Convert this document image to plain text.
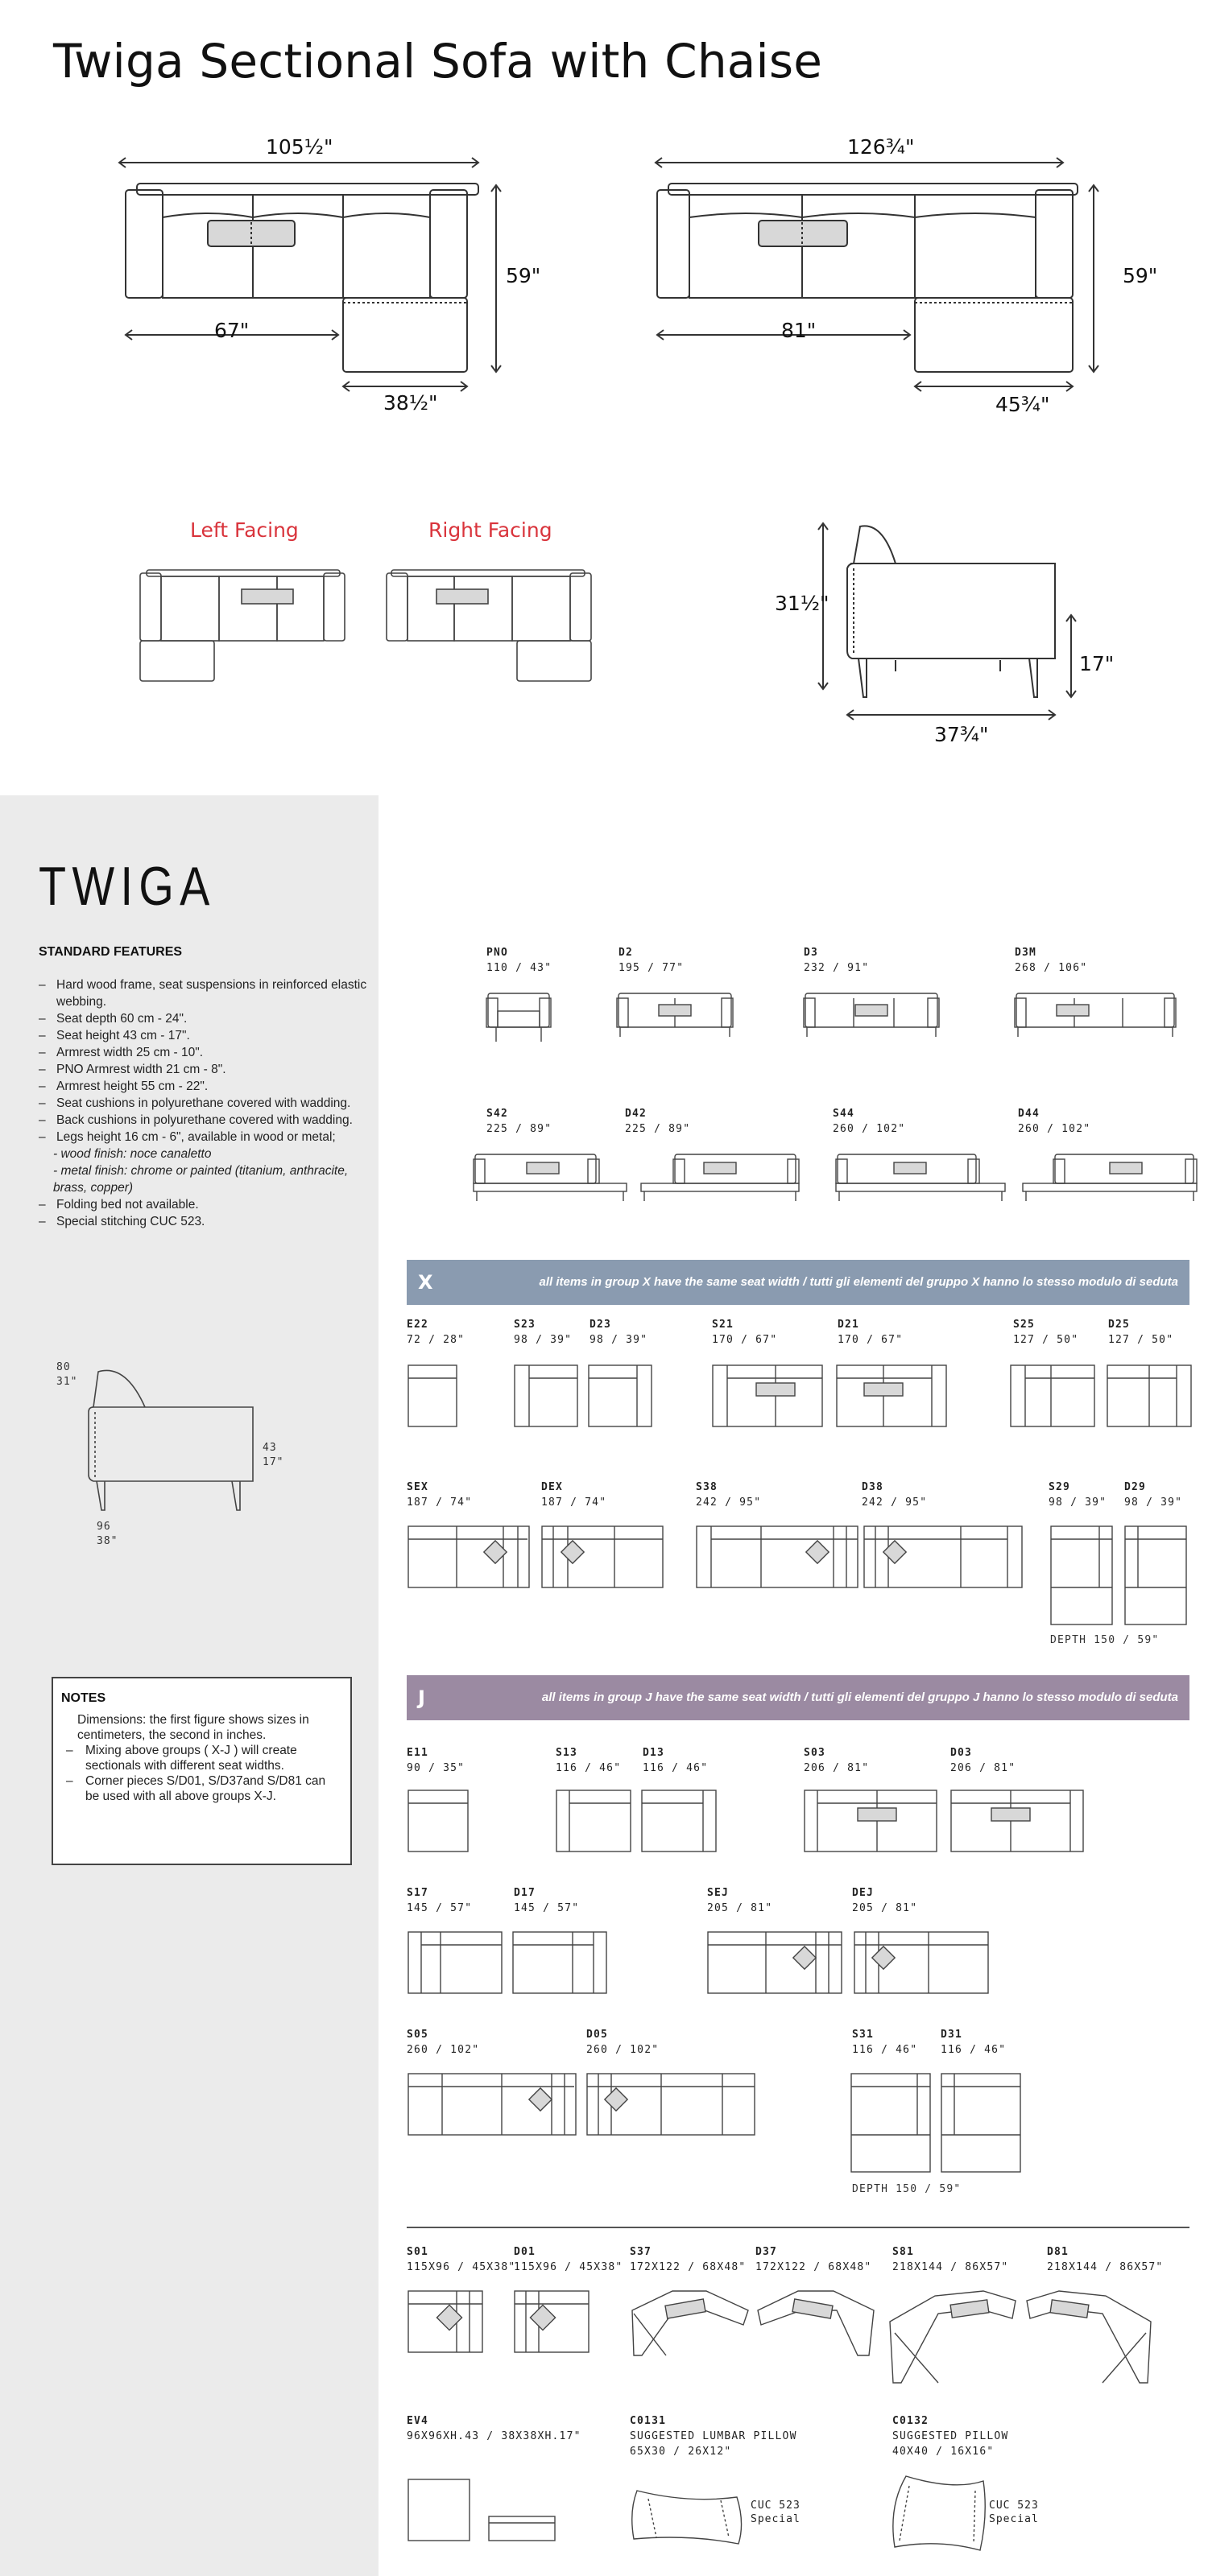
Twiga Sectional Sofa with Chaise
105½"
59"
67"
38½"
126¾"
59"
81"
45¾"
Left Facing	Right Facing
31½"
17"
37¾"
TWIGA
STANDARD FEATURES
– Hard wood frame, seat suspensions in reinforced elastic webbing.
– Seat depth 60 cm - 24".
– Seat height 43 cm - 17".
– Armrest width 25 cm - 10".
– PNO Armrest width 21 cm - 8".
– Armrest height 55 cm - 22".
– Seat cushions in polyurethane covered with wadding.
– Back cushions in polyurethane covered with wadding.
– Legs height 16 cm - 6", available in wood or metal;
- wood finish: noce canaletto
- metal finish: chrome or painted (titanium, anthracite, brass, copper)
– Folding bed not available.
– Special stitching CUC 523.
80
31"
43
17"
96
38"
NOTES

Dimensions: the first figure shows sizes in centimeters, the second in inches.

– Mixing above groups ( X-J ) will create sectionals with different seat widths.
– Corner pieces S/D01, S/D37and S/D81 can be used with all above groups X-J.
PNO
110 / 43"
D2
195 / 77"
D3
232 / 91"
D3M
268 / 106"
S42
225 / 89"
D42
225 / 89"
S44
260 / 102"
D44
260 / 102"
X	all items in group X have the same seat width / tutti gli elementi del gruppo X hanno lo stesso modulo di seduta
E22
72 / 28"
S23
98 / 39"
D23
98 / 39"
S21
170 / 67"
D21
170 / 67"
S25
127 / 50"
D25
127 / 50"
SEX
187 / 74"
DEX
187 / 74"
S38
242 / 95"
D38
242 / 95"
S29
98 / 39"
D29
98 / 39"
DEPTH 150 / 59"
J	all items in group J have the same seat width / tutti gli elementi del gruppo J hanno lo stesso modulo di seduta
E11
90 / 35"
S13
116 / 46"
D13
116 / 46"
S03
206 / 81"
D03
206 / 81"
S17
145 / 57"
D17
145 / 57"
SEJ
205 / 81"
DEJ
205 / 81"
S05
260 / 102"
D05
260 / 102"
S31
116 / 46"
D31
116 / 46"
DEPTH 150 / 59"
S01
115X96 / 45X38"
D01
115X96 / 45X38"
S37
172X122 / 68X48"
D37
172X122 / 68X48"
S81
218X144 / 86X57"
D81
218X144 / 86X57"
EV4
96X96XH.43 / 38X38XH.17"
C0131
SUGGESTED LUMBAR PILLOW
65X30 / 26X12"
C0132
SUGGESTED PILLOW
40X40 / 16X16"
CUC 523
Special
CUC 523
Special
